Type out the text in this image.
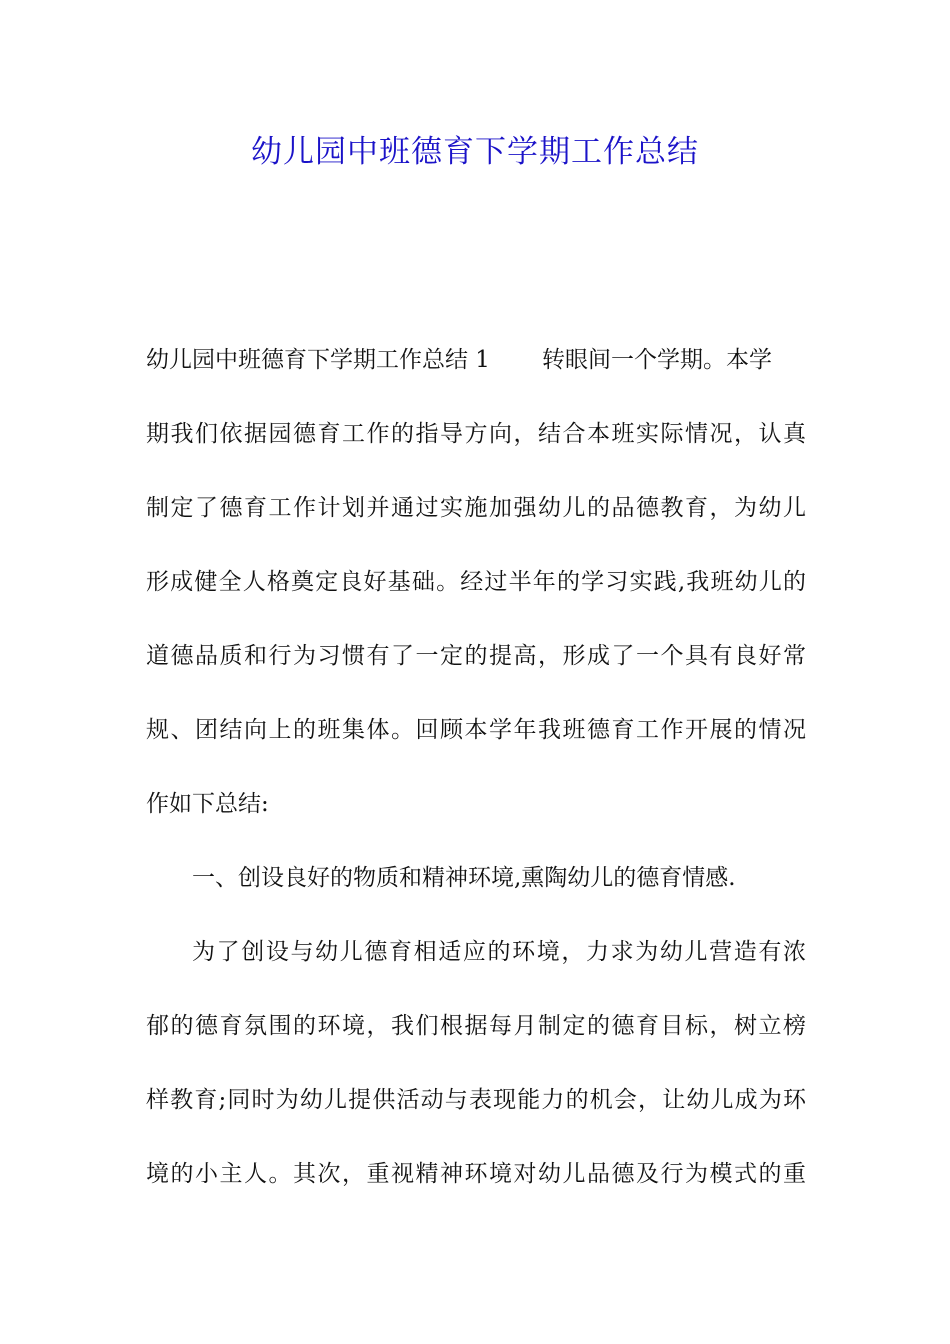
幼儿园中班德育下学期工作总结
幼儿园中班德育下学期工作总结 1 转眼间一个学期。本学
期我们依据园德育工作的指导方向，结合本班实际情况，认真
制定了德育工作计划并通过实施加强幼儿的品德教育，为幼儿
形成健全人格奠定良好基础。经过半年的学习实践,我班幼儿的
道德品质和行为习惯有了一定的提高，形成了一个具有良好常
规、团结向上的班集体。回顾本学年我班德育工作开展的情况
作如下总结:
一、创设良好的物质和精神环境,熏陶幼儿的德育情感.
为了创设与幼儿德育相适应的环境，力求为幼儿营造有浓
郁的德育氛围的环境，我们根据每月制定的德育目标，树立榜
样教育;同时为幼儿提供活动与表现能力的机会，让幼儿成为环
境的小主人。其次，重视精神环境对幼儿品德及行为模式的重
